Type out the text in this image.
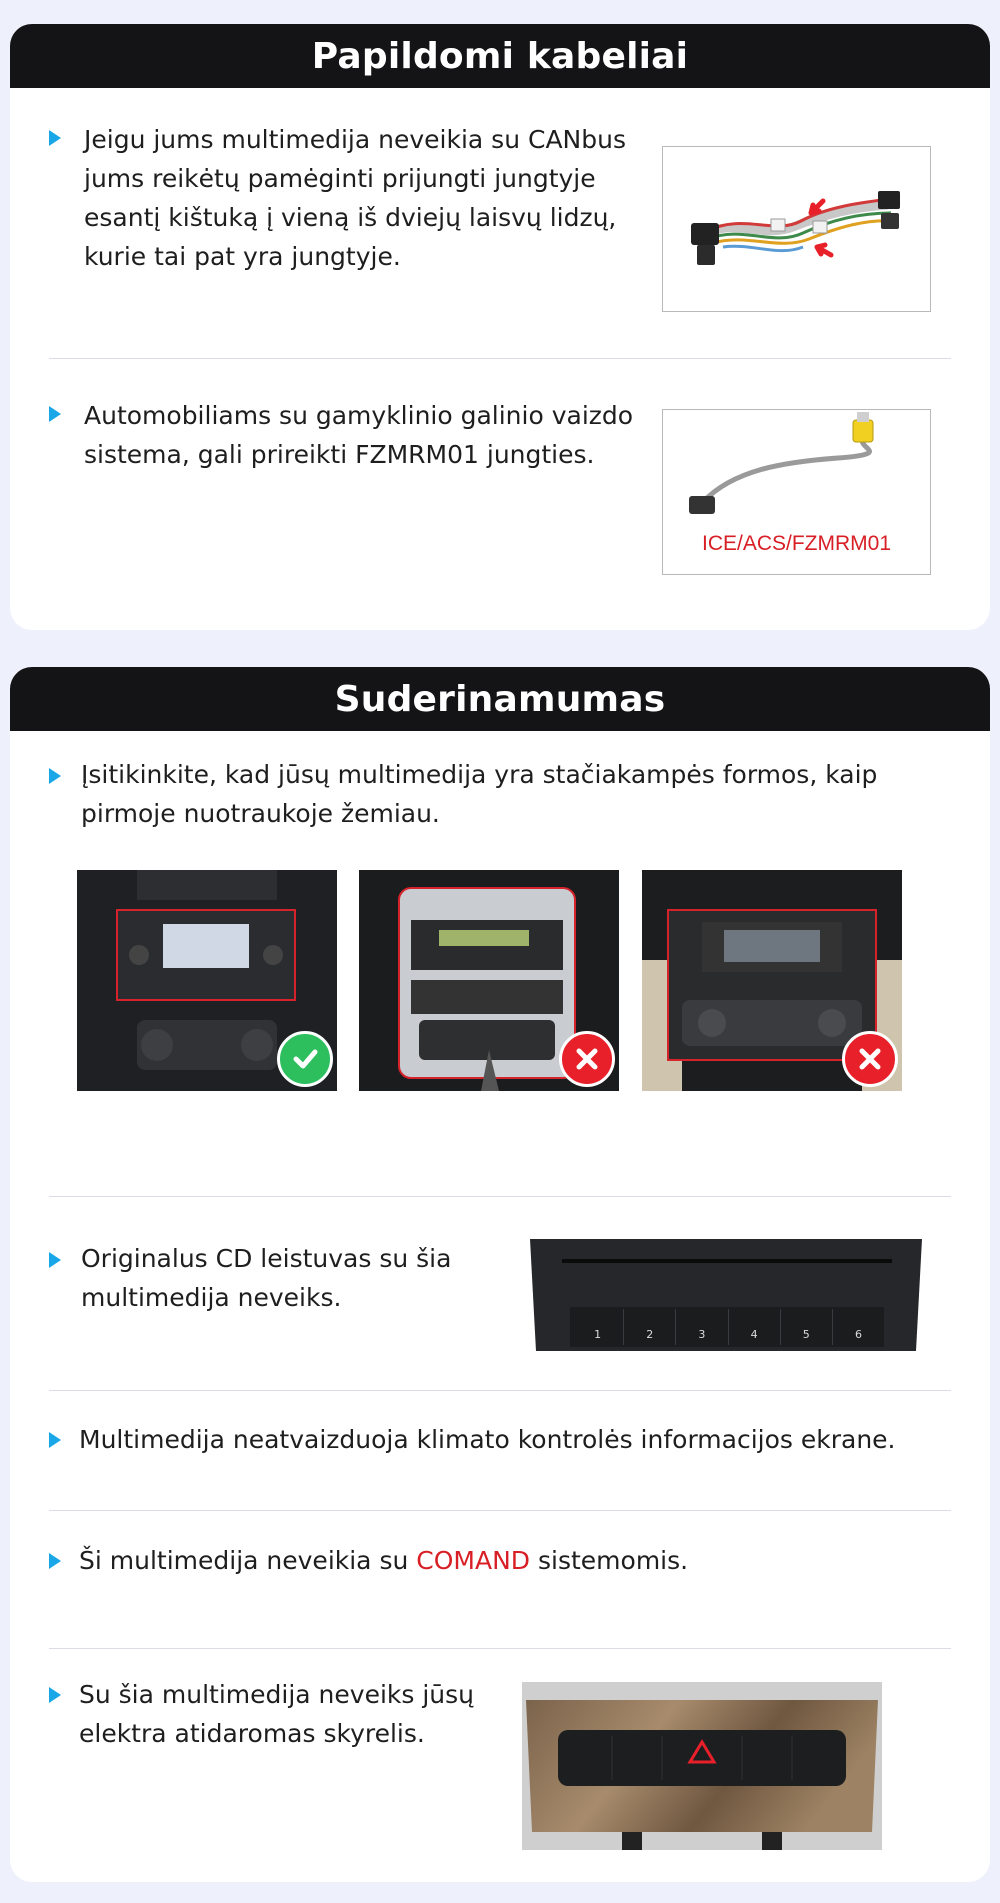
Papildomi kabeliai
Jeigu jums multimedija neveikia su CANbus
jums reikėtų pamėginti prijungti jungtyje
esantį kištuką į vieną iš dviejų laisvų lidzų,
kurie tai pat yra jungtyje.
Automobiliams su gamyklinio galinio vaizdo
sistema, gali prireikti FZMRM01 jungties.
ICE/ACS/FZMRM01
Suderinamumas
Įsitikinkite, kad jūsų multimedija yra stačiakampės formos, kaip
pirmoje nuotraukoje žemiau.
Originalus CD leistuvas su šia
multimedija neveiks.
1	2	3	4	5	6
Multimedija neatvaizduoja klimato kontrolės informacijos ekrane.
Ši multimedija neveikia su COMAND sistemomis.
Su šia multimedija neveiks jūsų
elektra atidaromas skyrelis.
